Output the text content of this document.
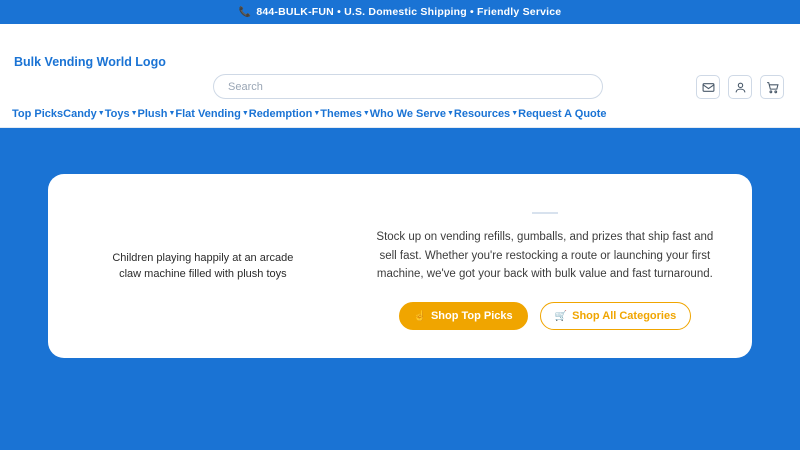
📞 844-BULK-FUN • U.S. Domestic Shipping • Friendly Service
Bulk Vending World Logo
Search
Top Picks Candy ▼ Toys ▼ Plush ▼ Flat Vending ▼ Redemption ▼ Themes ▼ Who We Serve ▼ Resources ▼ Request A Quote
Children playing happily at an arcade claw machine filled with plush toys
Stock up on vending refills, gumballs, and prizes that ship fast and sell fast. Whether you're restocking a route or launching your first machine, we've got your back with bulk value and fast turnaround.
☝ Shop Top Picks	🛒 Shop All Categories
